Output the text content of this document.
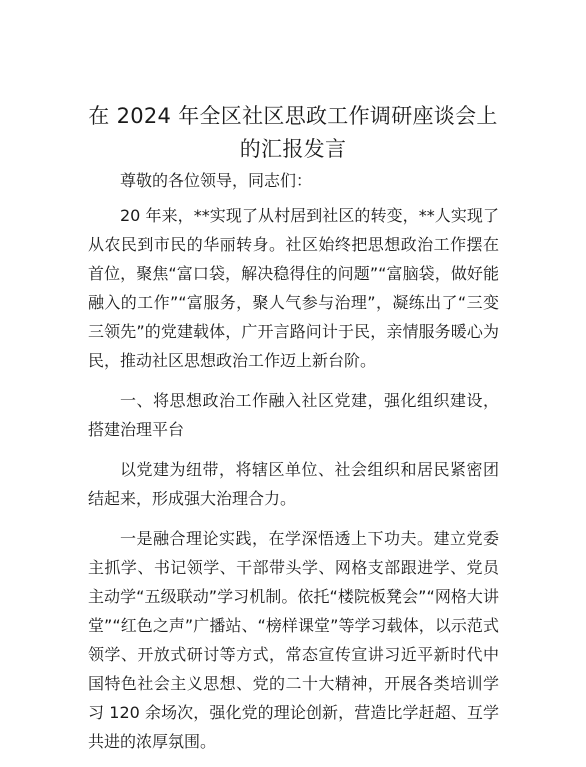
在 2024 年全区社区思政工作调研座谈会上的汇报发言

尊敬的各位领导，同志们：

20 年来，**实现了从村居到社区的转变，**人实现了从农民到市民的华丽转身。社区始终把思想政治工作摆在首位，聚焦“富口袋，解决稳得住的问题”“富脑袋，做好能融入的工作”“富服务，聚人气参与治理”，凝练出了“三变三领先”的党建载体，广开言路问计于民，亲情服务暖心为民，推动社区思想政治工作迈上新台阶。

一、将思想政治工作融入社区党建，强化组织建设，搭建治理平台

以党建为纽带，将辖区单位、社会组织和居民紧密团结起来，形成强大治理合力。

一是融合理论实践，在学深悟透上下功夫。建立党委主抓学、书记领学、干部带头学、网格支部跟进学、党员主动学“五级联动”学习机制。依托“楼院板凳会”“网格大讲堂”“红色之声”广播站、“榜样课堂”等学习载体，以示范式领学、开放式研讨等方式，常态宣传宣讲习近平新时代中国特色社会主义思想、党的二十大精神，开展各类培训学习 120 余场次，强化党的理论创新，营造比学赶超、互学共进的浓厚氛围。
